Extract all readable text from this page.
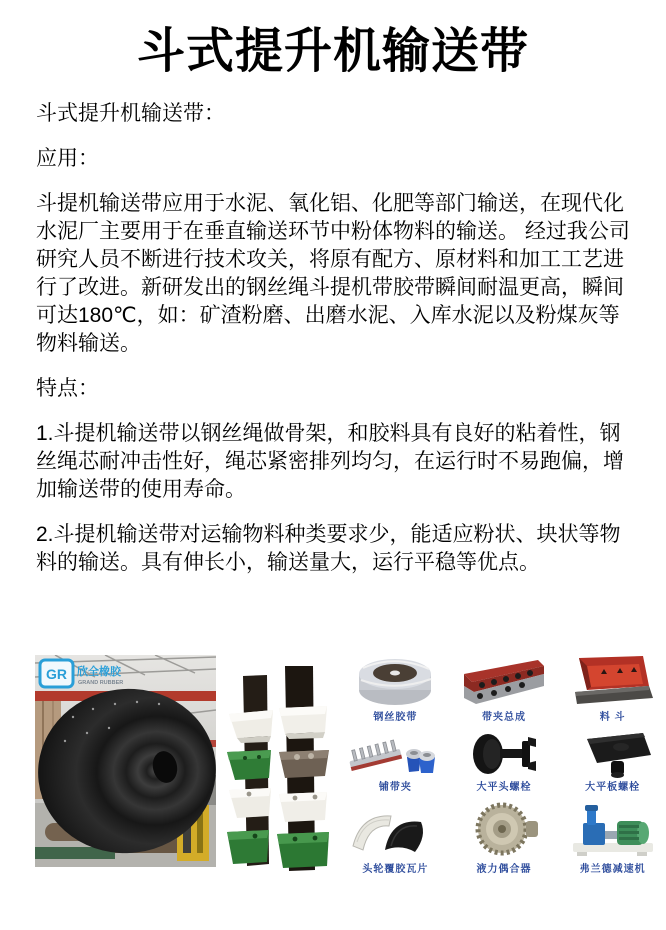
斗式提升机输送带

斗式提升机输送带：

应用：

斗提机输送带应用于水泥、氧化铝、化肥等部门输送，在现代化水泥厂主要用于在垂直输送环节中粉体物料的输送。 经过我公司研究人员不断进行技术攻关，将原有配方、原材料和加工工艺进行了改进。新研发出的钢丝绳斗提机带胶带瞬间耐温更高，瞬间可达180℃，如：矿渣粉磨、出磨水泥、入库水泥以及粉煤灰等物料输送。

特点：

1.斗提机输送带以钢丝绳做骨架，和胶料具有良好的粘着性，钢丝绳芯耐冲击性好，绳芯紧密排列均匀，在运行时不易跑偏，增加输送带的使用寿命。

2.斗提机输送带对运输物料种类要求少，能适应粉状、块状等物料的输送。具有伸长小，输送量大，运行平稳等优点。

GR 欣全橡胶
GRAND RUBBER
钢丝胶带	带夹总成	料 斗
铺带夹	大平头螺栓	大平板螺栓
头轮覆胶瓦片	液力偶合器	弗兰德减速机
